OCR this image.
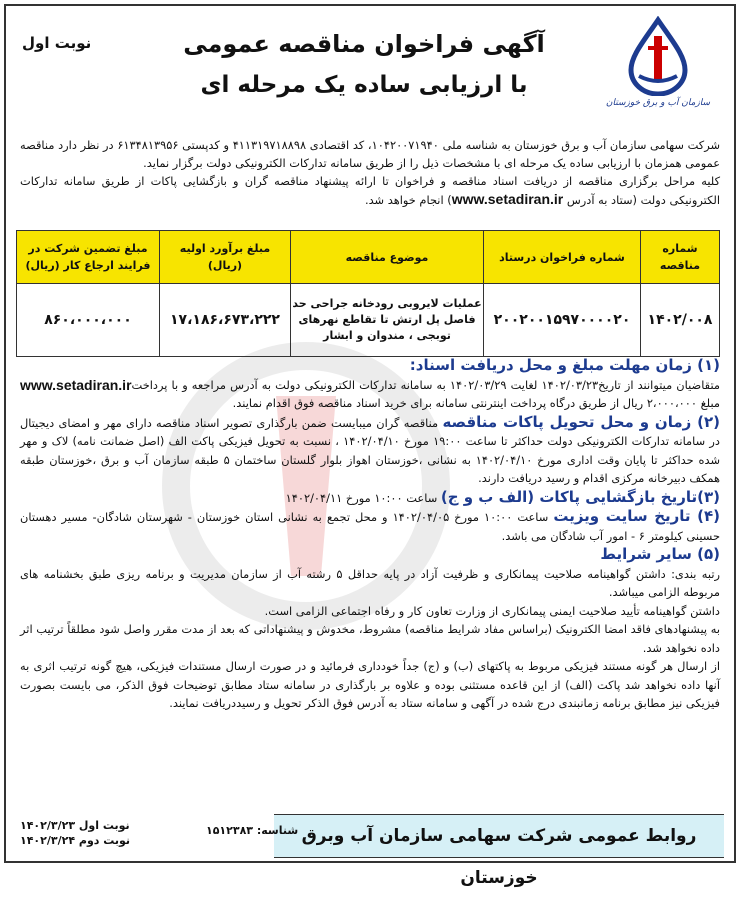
سازمان آب و برق خوزستان
آگهی فراخوان مناقصه عمومی
با ارزیابی ساده یک مرحله ای
نوبت اول

شرکت سهامی سازمان آب و برق خوزستان به شناسه ملی ۱۰۴۲۰۰۷۱۹۴۰، کد اقتصادی ۴۱۱۳۱۹۷۱۸۸۹۸ و کدپستی ۶۱۳۴۸۱۳۹۵۶ در نظر دارد مناقصه عمومی همزمان با ارزیابی ساده یک مرحله ای با مشخصات ذیل را از طریق سامانه تدارکات الکترونیکی دولت برگزار نماید.

کلیه مراحل برگزاری مناقصه از دریافت اسناد مناقصه و فراخوان تا ارائه پیشنهاد مناقصه گران و بازگشایی پاکات از طریق سامانه تدارکات الکترونیکی دولت (ستاد به آدرس www.setadiran.ir) انجام خواهد شد.

شماره مناقصه	شماره فراخوان درستاد	موضوع مناقصه	مبلغ برآورد اولیه (ریال)	مبلغ تضمین شرکت در فرایند ارجاع کار (ریال)
۱۴۰۲/۰۰۸	۲۰۰۲۰۰۱۵۹۷۰۰۰۰۲۰	عملیات لایروبی رودخانه جراحی حد فاصل پل ارتش تا تقاطع نهرهای توبجی ، مندوان و ابشار	۱۷،۱۸۶،۶۷۳،۲۲۲	۸۶۰،۰۰۰،۰۰۰

(۱) زمان مهلت مبلغ و محل دریافت اسناد:

www.setadiran.ir متقاضیان میتوانند از تاریخ۱۴۰۲/۰۳/۲۳ لغایت ۱۴۰۲/۰۳/۲۹ به سامانه تدارکات الکترونیکی دولت به آدرس مراجعه و با پرداخت مبلغ ۲،۰۰۰،۰۰۰ ریال از طریق درگاه پرداخت اینترنتی سامانه برای خرید اسناد مناقصه فوق اقدام نمایند.

(۲) زمان و محل تحویل پاکات مناقصه مناقصه گران میبایست ضمن بارگذاری تصویر اسناد مناقصه دارای مهر و امضای دیجیتال در سامانه تدارکات الکترونیکی دولت حداکثر تا ساعت ۱۹:۰۰ مورخ ۱۴۰۲/۰۴/۱۰ ، نسبت به تحویل فیزیکی پاکت الف (اصل ضمانت نامه) لاک و مهر شده حداکثر تا پایان وقت اداری مورخ ۱۴۰۲/۰۴/۱۰ به نشانی ،خوزستان اهواز بلوار گلستان ساختمان ۵ طبقه سازمان آب و برق ،خوزستان طبقه همکف دبیرخانه مرکزی اقدام و رسید دریافت دارند.

(۳)تاریخ بازگشایی پاکات (الف ب و ج) ساعت ۱۰:۰۰ مورخ ۱۴۰۲/۰۴/۱۱

(۴) تاریخ سایت ویزیت ساعت ۱۰:۰۰ مورخ ۱۴۰۲/۰۴/۰۵ و محل تجمع به نشانی استان خوزستان - شهرستان شادگان- مسیر دهستان حسینی کیلومتر ۶ - امور آب شادگان می باشد.

(۵) سایر شرایط

رتبه بندی: داشتن گواهینامه صلاحیت پیمانکاری و ظرفیت آزاد در پایه حداقل ۵ رشته آب از سازمان مدیریت و برنامه ریزی طبق بخشنامه های مربوطه الزامی میباشد.

داشتن گواهینامه تأیید صلاحیت ایمنی پیمانکاری از وزارت تعاون کار و رفاه اجتماعی الزامی است.

به پیشنهادهای فاقد امضا الکترونیک (براساس مفاد شرایط مناقصه) مشروط، مخدوش و پیشنهاداتی که بعد از مدت مقرر واصل شود مطلقاً ترتیب اثر داده نخواهد شد.

از ارسال هر گونه مستند فیزیکی مربوط به پاکتهای (ب) و (ج) جداً خودداری فرمائید و در صورت ارسال مستندات فیزیکی، هیچ گونه ترتیب اثری به آنها داده نخواهد شد پاکت (الف) از این قاعده مستثنی بوده و علاوه بر بارگذاری در سامانه ستاد مطابق توضیحات فوق الذکر، می بایست بصورت فیزیکی نیز مطابق برنامه زمانبندی درج شده در آگهی و سامانه ستاد به آدرس فوق الذکر تحویل و رسیددریافت نمایند.

روابط عمومی شرکت سهامی سازمان آب وبرق خوزستان
شناسه: ۱۵۱۲۳۸۳
نوبت اول ۱۴۰۲/۳/۲۳
نوبت دوم ۱۴۰۲/۳/۲۴
